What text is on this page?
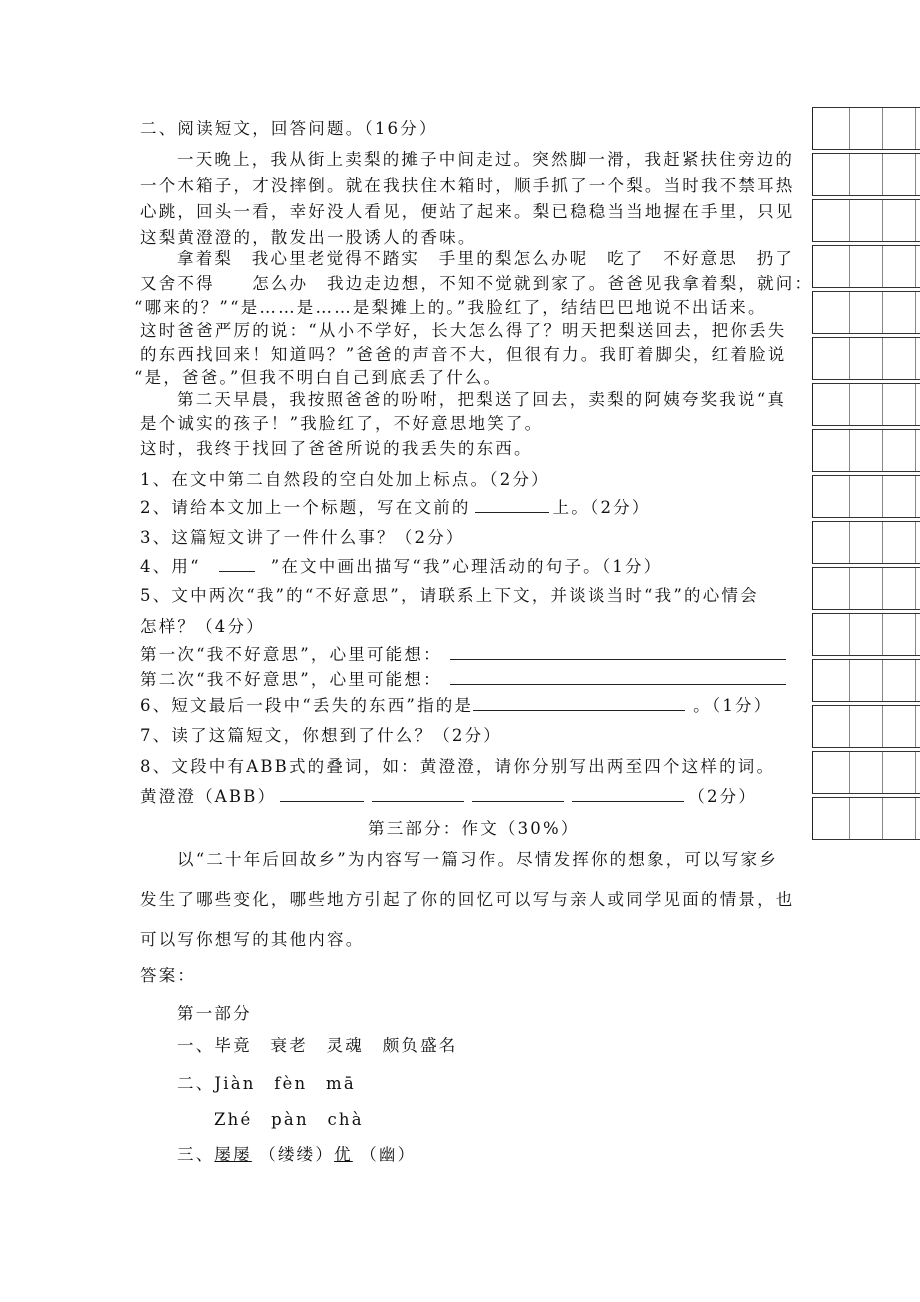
二、阅读短文，回答问题。（16分）
一天晚上，我从街上卖梨的摊子中间走过。突然脚一滑，我赶紧扶住旁边的
一个木箱子，才没摔倒。就在我扶住木箱时，顺手抓了一个梨。当时我不禁耳热
心跳，回头一看，幸好没人看见，便站了起来。梨已稳稳当当地握在手里，只见
这梨黄澄澄的，散发出一股诱人的香味。
拿着梨　我心里老觉得不踏实　手里的梨怎么办呢　吃了　不好意思　扔了
又舍不得　　怎么办　我边走边想，不知不觉就到家了。爸爸见我拿着梨，就问：
“哪来的？”“是……是……是梨摊上的。”我脸红了，结结巴巴地说不出话来。
这时爸爸严厉的说：“从小不学好，长大怎么得了？明天把梨送回去，把你丢失
的东西找回来！知道吗？”爸爸的声音不大，但很有力。我盯着脚尖，红着脸说
“是，爸爸。”但我不明白自己到底丢了什么。
第二天早晨，我按照爸爸的吩咐，把梨送了回去，卖梨的阿姨夸奖我说“真
是个诚实的孩子！”我脸红了，不好意思地笑了。
这时，我终于找回了爸爸所说的我丢失的东西。
1、在文中第二自然段的空白处加上标点。（2分）
2、请给本文加上一个标题，写在文前的	上。（2分）
3、这篇短文讲了一件什么事？（2分）
4、用“	”在文中画出描写“我”心理活动的句子。（1分）
5、文中两次“我”的“不好意思”，请联系上下文，并谈谈当时“我”的心情会
怎样？（4分）
第一次“我不好意思”，心里可能想：
第二次“我不好意思”，心里可能想：
6、短文最后一段中“丢失的东西”指的是	。（1分）
7、读了这篇短文，你想到了什么？（2分）
8、文段中有ABB式的叠词，如：黄澄澄，请你分别写出两至四个这样的词。
黄澄澄（ABB）	（2分）
第三部分：作文（30%）
以“二十年后回故乡”为内容写一篇习作。尽情发挥你的想象，可以写家乡
发生了哪些变化，哪些地方引起了你的回忆可以写与亲人或同学见面的情景，也
可以写你想写的其他内容。
答案：
第一部分
一、毕竟　衰老　灵魂　颇负盛名
二、Jiàn　fèn　mā
Zhé　pàn　chà
三、屡屡 （缕缕）优 （幽）
